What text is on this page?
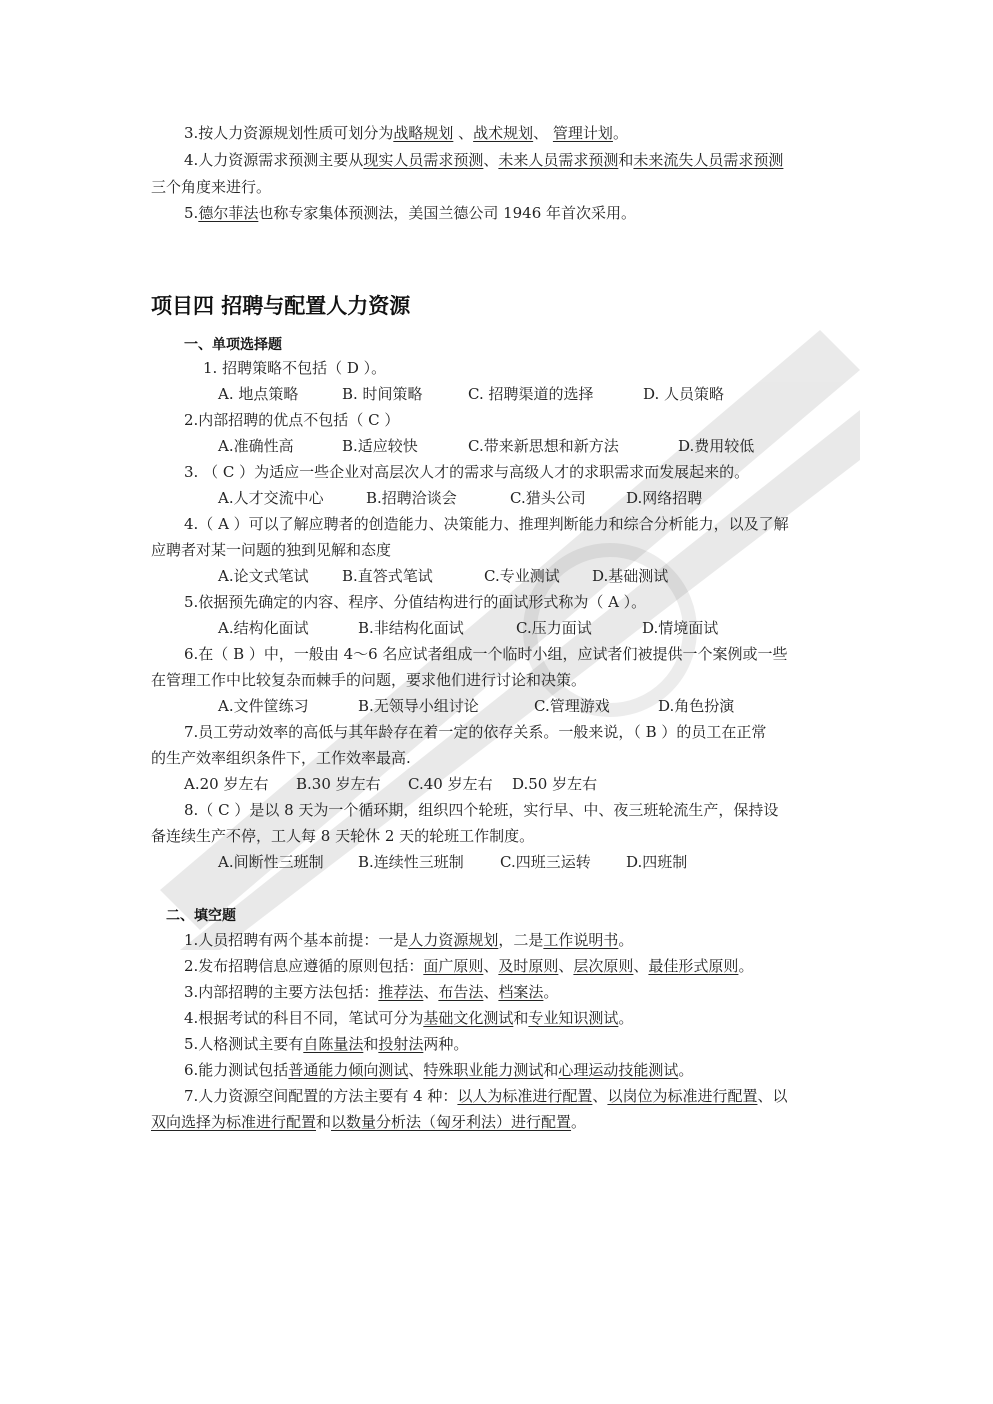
3.按人力资源规划性质可划分为战略规划 、战术规划、 管理计划。
4.人力资源需求预测主要从现实人员需求预测、未来人员需求预测和未来流失人员需求预测
三个角度来进行。
5.德尔菲法也称专家集体预测法，美国兰德公司 1946 年首次采用。
项目四 招聘与配置人力资源
一、单项选择题
1. 招聘策略不包括（ D ）。
A. 地点策略	B. 时间策略	C. 招聘渠道的选择	D. 人员策略
2.内部招聘的优点不包括（ C ）
A.准确性高	B.适应较快	C.带来新思想和新方法	D.费用较低
3. （ C ）为适应一些企业对高层次人才的需求与高级人才的求职需求而发展起来的。
A.人才交流中心	B.招聘洽谈会	C.猎头公司	D.网络招聘
4.（ A ）可以了解应聘者的创造能力、决策能力、推理判断能力和综合分析能力，以及了解
应聘者对某一问题的独到见解和态度
A.论文式笔试 B.直答式笔试	C.专业测试 D.基础测试
5.依据预先确定的内容、程序、分值结构进行的面试形式称为（ A ）。
A.结构化面试	B.非结构化面试	C.压力面试	D.情境面试
6.在（ B ）中，一般由 4～6 名应试者组成一个临时小组，应试者们被提供一个案例或一些
在管理工作中比较复杂而棘手的问题，要求他们进行讨论和决策。
A.文件筐练习	B.无领导小组讨论	C.管理游戏	D.角色扮演
7.员工劳动效率的高低与其年龄存在着一定的依存关系。一般来说，（ B ）的员工在正常
的生产效率组织条件下，工作效率最高.
A.20 岁左右 B.30 岁左右 C.40 岁左右 D.50 岁左右
8.（ C ）是以 8 天为一个循环期，组织四个轮班，实行早、中、夜三班轮流生产，保持设
备连续生产不停，工人每 8 天轮休 2 天的轮班工作制度。
A.间断性三班制 B.连续性三班制 C.四班三运转 D.四班制
二、填空题
1.人员招聘有两个基本前提：一是人力资源规划，二是工作说明书。
2.发布招聘信息应遵循的原则包括：面广原则、及时原则、层次原则、最佳形式原则。
3.内部招聘的主要方法包括：推荐法、布告法、档案法。
4.根据考试的科目不同，笔试可分为基础文化测试和专业知识测试。
5.人格测试主要有自陈量法和投射法两种。
6.能力测试包括普通能力倾向测试、特殊职业能力测试和心理运动技能测试。
7.人力资源空间配置的方法主要有 4 种：以人为标准进行配置、以岗位为标准进行配置、以
双向选择为标准进行配置和以数量分析法（匈牙利法）进行配置。
